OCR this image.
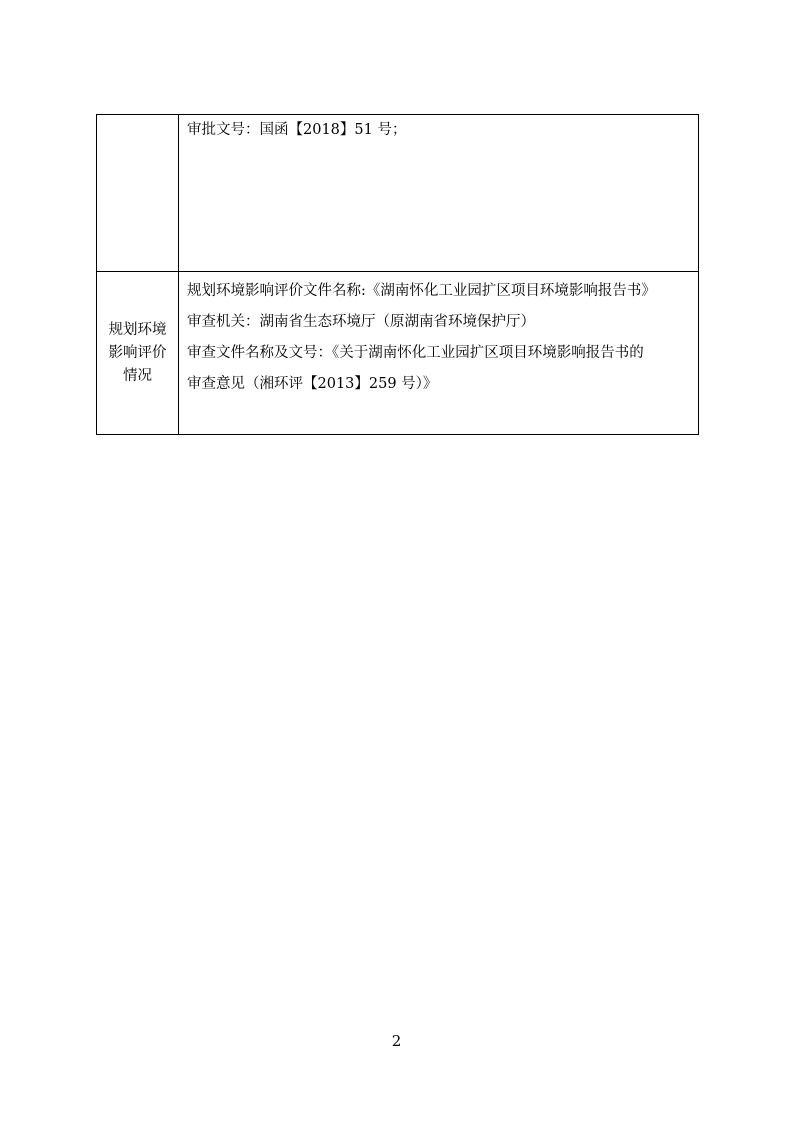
	审批文号：国函【2018】51 号；

规划环境
影响评价
情况	规划环境影响评价文件名称:《湖南怀化工业园扩区项目环境影响报告书》
审查机关：湖南省生态环境厅（原湖南省环境保护厅）
审查文件名称及文号：《关于湖南怀化工业园扩区项目环境影响报告书的
审查意见（湘环评【2013】259 号）》
2
